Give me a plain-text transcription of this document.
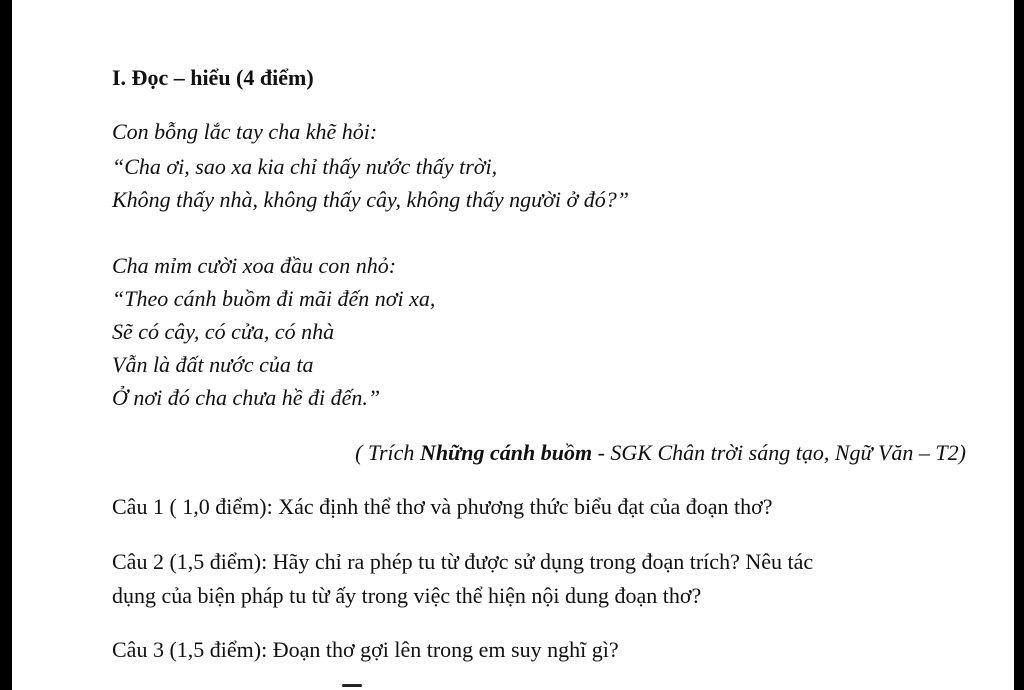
I. Đọc – hiểu (4 điểm)
Con bỗng lắc tay cha khẽ hỏi:
“Cha ơi, sao xa kia chỉ thấy nước thấy trời,
Không thấy nhà, không thấy cây, không thấy người ở đó?”
Cha mỉm cười xoa đầu con nhỏ:
“Theo cánh buồm đi mãi đến nơi xa,
Sẽ có cây, có cửa, có nhà
Vẫn là đất nước của ta
Ở nơi đó cha chưa hề đi đến.”
( Trích Những cánh buồm - SGK Chân trời sáng tạo, Ngữ Văn – T2)
Câu 1 ( 1,0 điểm): Xác định thể thơ và phương thức biểu đạt của đoạn thơ?
Câu 2 (1,5 điểm): Hãy chỉ ra phép tu từ được sử dụng trong đoạn trích? Nêu tác
dụng của biện pháp tu từ ấy trong việc thể hiện nội dung đoạn thơ?
Câu 3 (1,5 điểm): Đoạn thơ gợi lên trong em suy nghĩ gì?
